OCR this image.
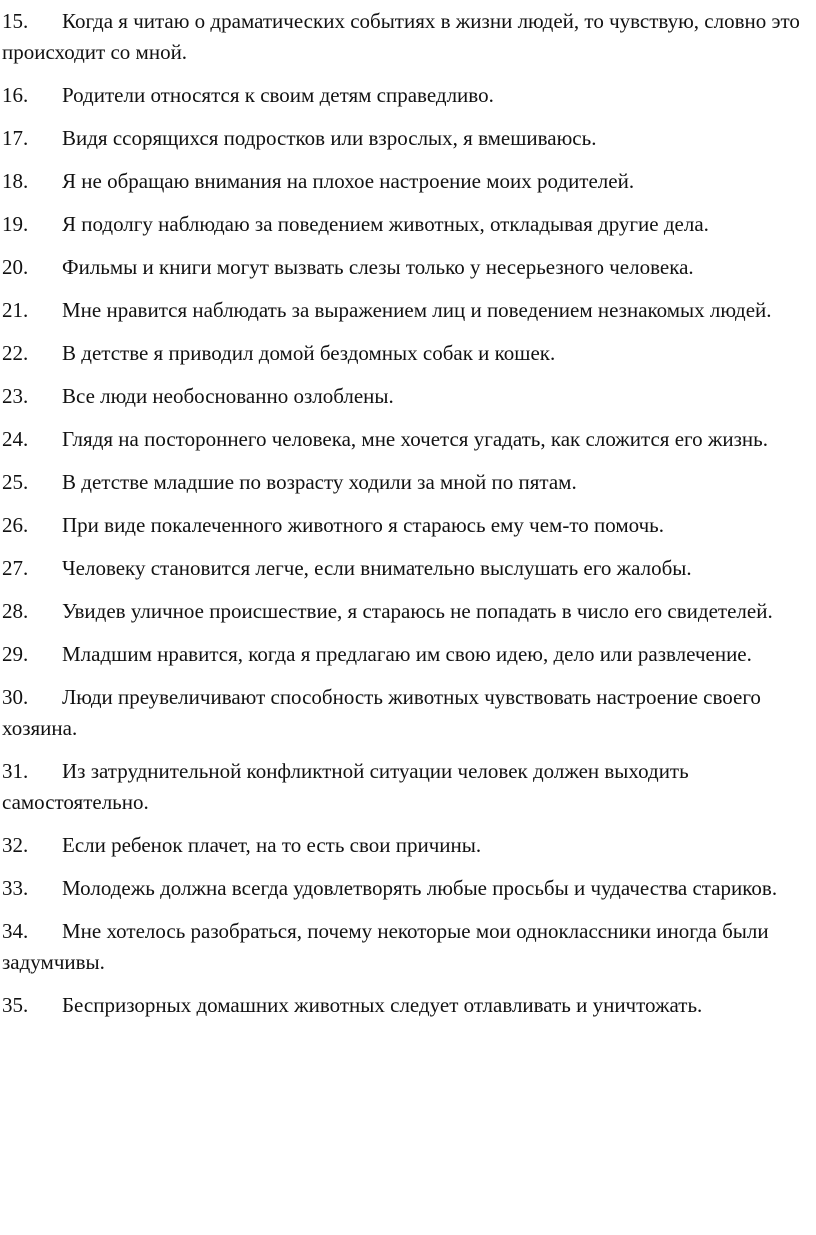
15. Когда я читаю о драматических событиях в жизни людей, то чувствую, словно это происходит со мной.
16. Родители относятся к своим детям справедливо.
17. Видя ссорящихся подростков или взрослых, я вмешиваюсь.
18. Я не обращаю внимания на плохое настроение моих родителей.
19. Я подолгу наблюдаю за поведением животных, откладывая другие дела.
20. Фильмы и книги могут вызвать слезы только у несерьезного человека.
21. Мне нравится наблюдать за выражением лиц и поведением незнакомых людей.
22. В детстве я приводил домой бездомных собак и кошек.
23. Все люди необоснованно озлоблены.
24. Глядя на постороннего человека, мне хочется угадать, как сложится его жизнь.
25. В детстве младшие по возрасту ходили за мной по пятам.
26. При виде покалеченного животного я стараюсь ему чем-то помочь.
27. Человеку становится легче, если внимательно выслушать его жалобы.
28. Увидев уличное происшествие, я стараюсь не попадать в число его свидетелей.
29. Младшим нравится, когда я предлагаю им свою идею, дело или развлечение.
30. Люди преувеличивают способность животных чувствовать настроение своего хозяина.
31. Из затруднительной конфликтной ситуации человек должен выходить самостоятельно.
32. Если ребенок плачет, на то есть свои причины.
33. Молодежь должна всегда удовлетворять любые просьбы и чудачества стариков.
34. Мне хотелось разобраться, почему некоторые мои одноклассники иногда были задумчивы.
35. Беспризорных домашних животных следует отлавливать и уничтожать.
